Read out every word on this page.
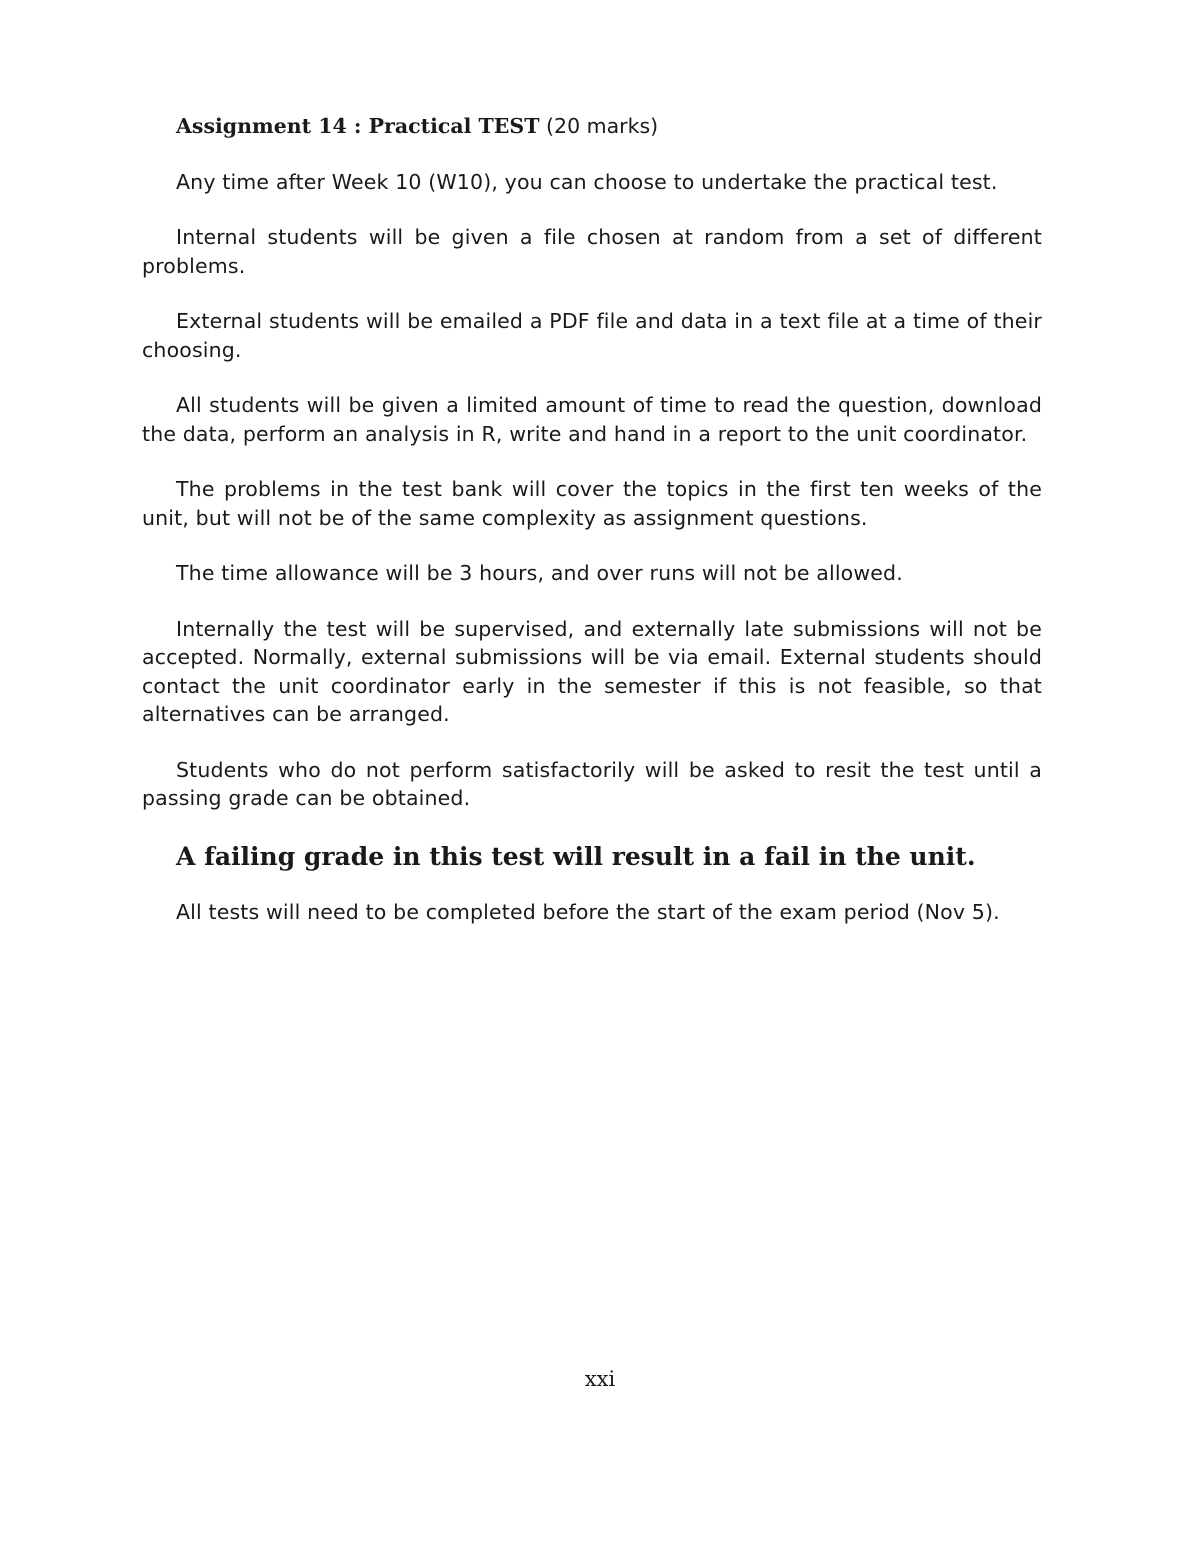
Assignment 14 : Practical TEST (20 marks)

Any time after Week 10 (W10), you can choose to undertake the practical test.

Internal students will be given a file chosen at random from a set of different problems.

External students will be emailed a PDF file and data in a text file at a time of their choosing.

All students will be given a limited amount of time to read the question, download the data, perform an analysis in R, write and hand in a report to the unit coordinator.

The problems in the test bank will cover the topics in the first ten weeks of the unit, but will not be of the same complexity as assignment questions.

The time allowance will be 3 hours, and over runs will not be allowed.

Internally the test will be supervised, and externally late submissions will not be accepted. Normally, external submissions will be via email. External students should contact the unit coordinator early in the semester if this is not feasible, so that alternatives can be arranged.

Students who do not perform satisfactorily will be asked to resit the test until a passing grade can be obtained.

A failing grade in this test will result in a fail in the unit.

All tests will need to be completed before the start of the exam period (Nov 5).

xxi
